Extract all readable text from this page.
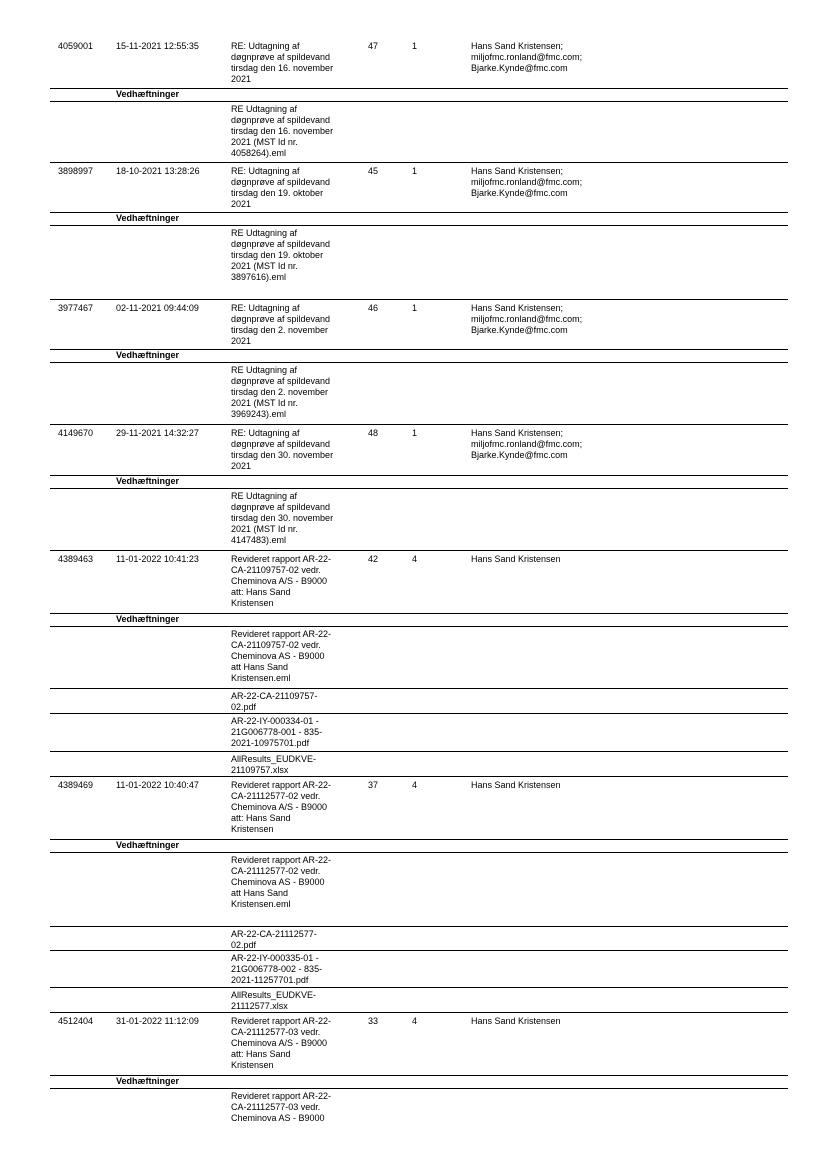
4059001	15-11-2021 12:55:35	RE: Udtagning af
døgnprøve af spildevand
tirsdag den 16. november
2021
47	1	Hans Sand Kristensen;
miljofmc.ronland@fmc.com;
Bjarke.Kynde@fmc.com
Vedhæftninger
RE Udtagning af
døgnprøve af spildevand
tirsdag den 16. november
2021 (MST Id nr.
4058264).eml
3898997	18-10-2021 13:28:26	RE: Udtagning af
døgnprøve af spildevand
tirsdag den 19. oktober
2021
45	1	Hans Sand Kristensen;
miljofmc.ronland@fmc.com;
Bjarke.Kynde@fmc.com
Vedhæftninger
RE Udtagning af
døgnprøve af spildevand
tirsdag den 19. oktober
2021 (MST Id nr.
3897616).eml
3977467	02-11-2021 09:44:09	RE: Udtagning af
døgnprøve af spildevand
tirsdag den 2. november
2021
46	1	Hans Sand Kristensen;
miljofmc.ronland@fmc.com;
Bjarke.Kynde@fmc.com
Vedhæftninger
RE Udtagning af
døgnprøve af spildevand
tirsdag den 2. november
2021 (MST Id nr.
3969243).eml
4149670	29-11-2021 14:32:27	RE: Udtagning af
døgnprøve af spildevand
tirsdag den 30. november
2021
48	1	Hans Sand Kristensen;
miljofmc.ronland@fmc.com;
Bjarke.Kynde@fmc.com
Vedhæftninger
RE Udtagning af
døgnprøve af spildevand
tirsdag den 30. november
2021 (MST Id nr.
4147483).eml
4389463	11-01-2022 10:41:23	Revideret rapport AR-22-
CA-21109757-02 vedr.
Cheminova A/S - B9000
att: Hans Sand
Kristensen
42	4	Hans Sand Kristensen
Vedhæftninger
Revideret rapport AR-22-
CA-21109757-02 vedr.
Cheminova AS - B9000
att Hans Sand
Kristensen.eml
AR-22-CA-21109757-
02.pdf
AR-22-IY-000334-01 -
21G006778-001 - 835-
2021-10975701.pdf
AllResults_EUDKVE-
21109757.xlsx
4389469	11-01-2022 10:40:47	Revideret rapport AR-22-
CA-21112577-02 vedr.
Cheminova A/S - B9000
att: Hans Sand
Kristensen
37	4	Hans Sand Kristensen
Vedhæftninger
Revideret rapport AR-22-
CA-21112577-02 vedr.
Cheminova AS - B9000
att Hans Sand
Kristensen.eml
AR-22-CA-21112577-
02.pdf
AR-22-IY-000335-01 -
21G006778-002 - 835-
2021-11257701.pdf
AllResults_EUDKVE-
21112577.xlsx
4512404	31-01-2022 11:12:09	Revideret rapport AR-22-
CA-21112577-03 vedr.
Cheminova A/S - B9000
att: Hans Sand
Kristensen
33	4	Hans Sand Kristensen
Vedhæftninger
Revideret rapport AR-22-
CA-21112577-03 vedr.
Cheminova AS - B9000
